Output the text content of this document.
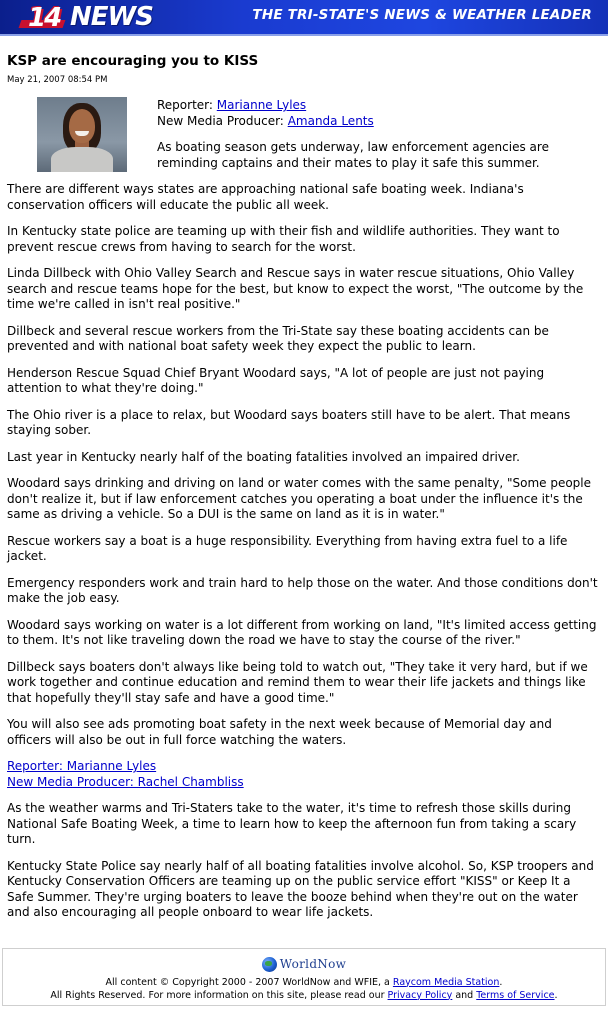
14 NEWS	THE TRI-STATE'S NEWS & WEATHER LEADER
KSP are encouraging you to KISS
May 21, 2007 08:54 PM
Reporter: Marianne Lyles
New Media Producer: Amanda Lents

As boating season gets underway, law enforcement agencies are reminding captains and their mates to play it safe this summer.

There are different ways states are approaching national safe boating week. Indiana's conservation officers will educate the public all week.

In Kentucky state police are teaming up with their fish and wildlife authorities. They want to prevent rescue crews from having to search for the worst.

Linda Dillbeck with Ohio Valley Search and Rescue says in water rescue situations, Ohio Valley search and rescue teams hope for the best, but know to expect the worst, "The outcome by the time we're called in isn't real positive."

Dillbeck and several rescue workers from the Tri-State say these boating accidents can be prevented and with national boat safety week they expect the public to learn.

Henderson Rescue Squad Chief Bryant Woodard says, "A lot of people are just not paying attention to what they're doing."

The Ohio river is a place to relax, but Woodard says boaters still have to be alert. That means staying sober.

Last year in Kentucky nearly half of the boating fatalities involved an impaired driver.

Woodard says drinking and driving on land or water comes with the same penalty, "Some people don't realize it, but if law enforcement catches you operating a boat under the influence it's the same as driving a vehicle. So a DUI is the same on land as it is in water."

Rescue workers say a boat is a huge responsibility. Everything from having extra fuel to a life jacket.

Emergency responders work and train hard to help those on the water. And those conditions don't make the job easy.

Woodard says working on water is a lot different from working on land, "It's limited access getting to them. It's not like traveling down the road we have to stay the course of the river."

Dillbeck says boaters don't always like being told to watch out, "They take it very hard, but if we work together and continue education and remind them to wear their life jackets and things like that hopefully they'll stay safe and have a good time."

You will also see ads promoting boat safety in the next week because of Memorial day and officers will also be out in full force watching the waters.

Reporter: Marianne Lyles
New Media Producer: Rachel Chambliss

As the weather warms and Tri-Staters take to the water, it's time to refresh those skills during National Safe Boating Week, a time to learn how to keep the afternoon fun from taking a scary turn.

Kentucky State Police say nearly half of all boating fatalities involve alcohol. So, KSP troopers and Kentucky Conservation Officers are teaming up on the public service effort "KISS" or Keep It a Safe Summer. They're urging boaters to leave the booze behind when they're out on the water and also encouraging all people onboard to wear life jackets.

WorldNow
All content © Copyright 2000 - 2007 WorldNow and WFIE, a Raycom Media Station.
All Rights Reserved. For more information on this site, please read our Privacy Policy and Terms of Service.
